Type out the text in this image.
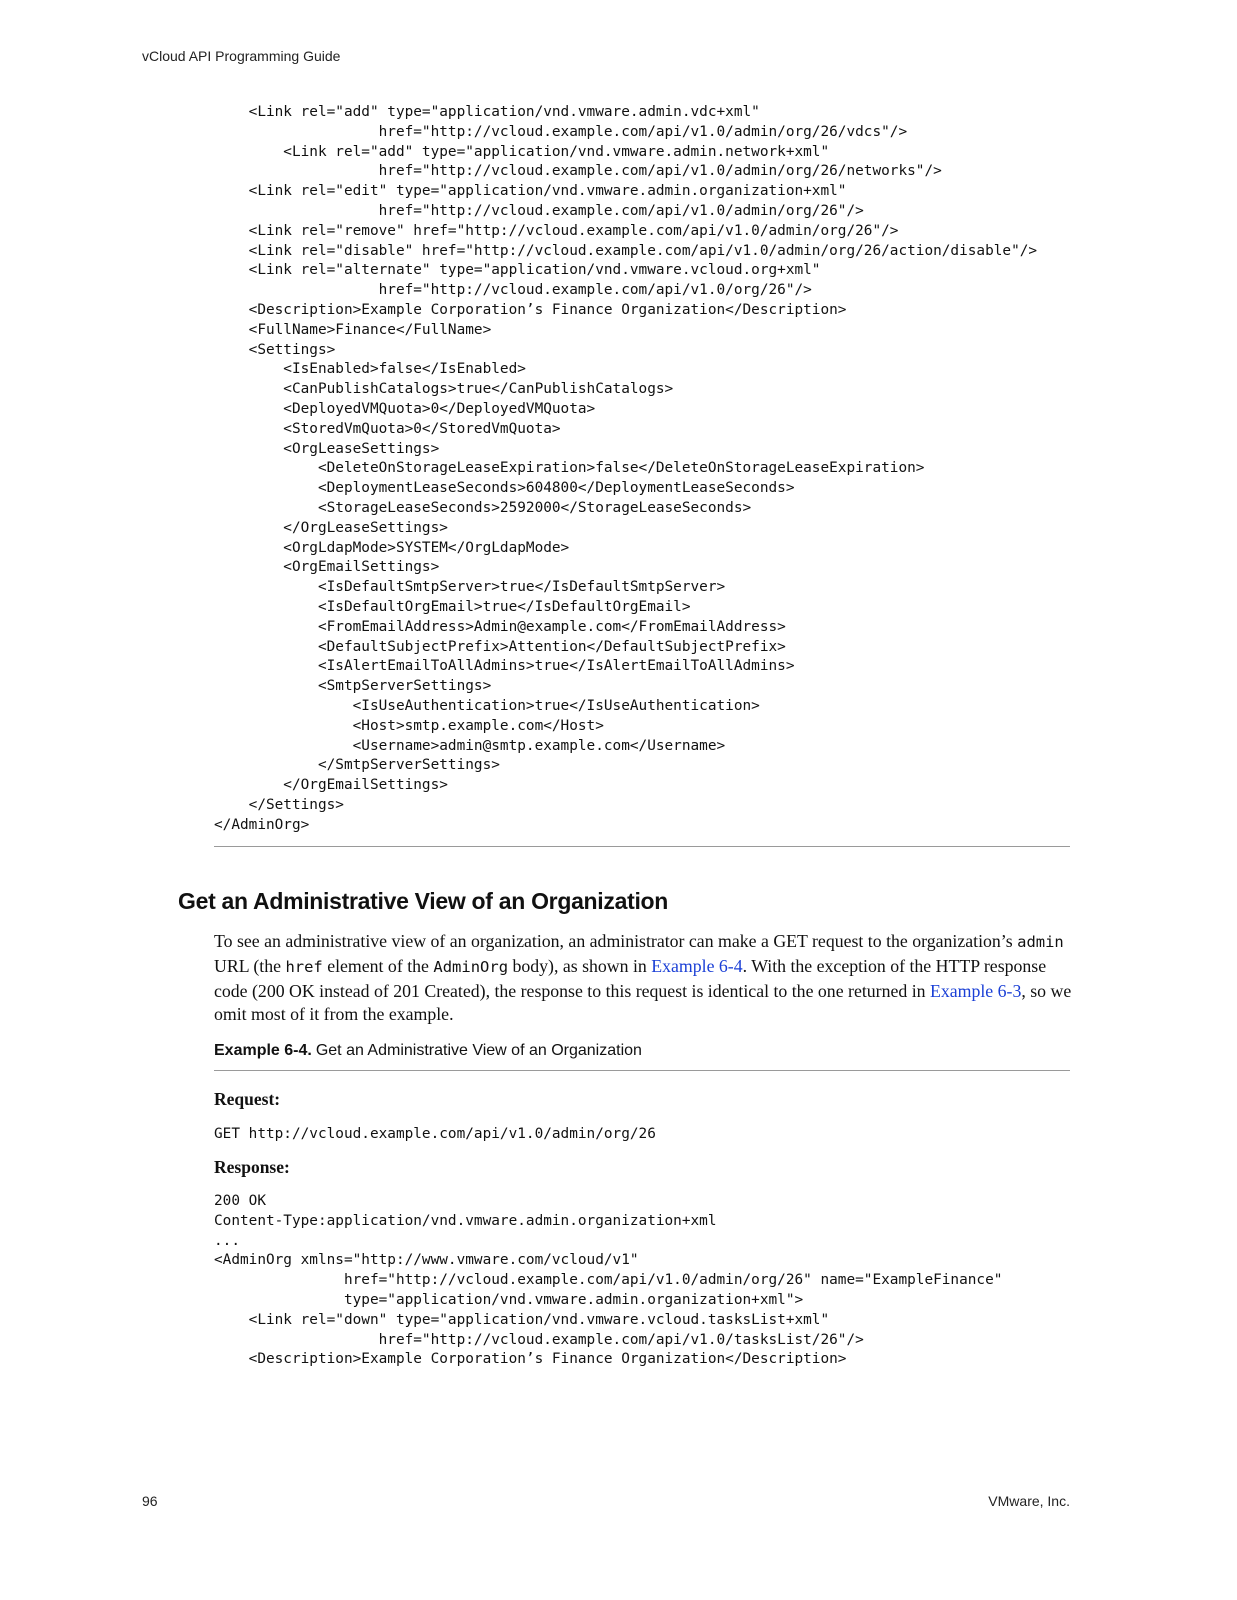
vCloud API Programming Guide
<Link rel="add" type="application/vnd.vmware.admin.vdc+xml"
href="http://vcloud.example.com/api/v1.0/admin/org/26/vdcs"/>
<Link rel="add" type="application/vnd.vmware.admin.network+xml"
href="http://vcloud.example.com/api/v1.0/admin/org/26/networks"/>
<Link rel="edit" type="application/vnd.vmware.admin.organization+xml"
href="http://vcloud.example.com/api/v1.0/admin/org/26"/>
<Link rel="remove" href="http://vcloud.example.com/api/v1.0/admin/org/26"/>
<Link rel="disable" href="http://vcloud.example.com/api/v1.0/admin/org/26/action/disable"/>
<Link rel="alternate" type="application/vnd.vmware.vcloud.org+xml"
href="http://vcloud.example.com/api/v1.0/org/26"/>
<Description>Example Corporation’s Finance Organization</Description>
<FullName>Finance</FullName>
<Settings>
<IsEnabled>false</IsEnabled>
<CanPublishCatalogs>true</CanPublishCatalogs>
<DeployedVMQuota>0</DeployedVMQuota>
<StoredVmQuota>0</StoredVmQuota>
<OrgLeaseSettings>
<DeleteOnStorageLeaseExpiration>false</DeleteOnStorageLeaseExpiration>
<DeploymentLeaseSeconds>604800</DeploymentLeaseSeconds>
<StorageLeaseSeconds>2592000</StorageLeaseSeconds>
</OrgLeaseSettings>
<OrgLdapMode>SYSTEM</OrgLdapMode>
<OrgEmailSettings>
<IsDefaultSmtpServer>true</IsDefaultSmtpServer>
<IsDefaultOrgEmail>true</IsDefaultOrgEmail>
<FromEmailAddress>Admin@example.com</FromEmailAddress>
<DefaultSubjectPrefix>Attention</DefaultSubjectPrefix>
<IsAlertEmailToAllAdmins>true</IsAlertEmailToAllAdmins>
<SmtpServerSettings>
<IsUseAuthentication>true</IsUseAuthentication>
<Host>smtp.example.com</Host>
<Username>admin@smtp.example.com</Username>
</SmtpServerSettings>
</OrgEmailSettings>
</Settings>
</AdminOrg>
Get an Administrative View of an Organization

To see an administrative view of an organization, an administrator can make a GET request to the organization’s admin URL (the href element of the AdminOrg body), as shown in Example 6-4. With the exception of the HTTP response code (200 OK instead of 201 Created), the response to this request is identical to the one returned in Example 6-3, so we omit most of it from the example.

Example 6-4. Get an Administrative View of an Organization

Request:

GET http://vcloud.example.com/api/v1.0/admin/org/26

Response:

200 OK
Content-Type:application/vnd.vmware.admin.organization+xml
...
<AdminOrg xmlns="http://www.vmware.com/vcloud/v1"
href="http://vcloud.example.com/api/v1.0/admin/org/26" name="ExampleFinance"
type="application/vnd.vmware.admin.organization+xml">
<Link rel="down" type="application/vnd.vmware.vcloud.tasksList+xml"
href="http://vcloud.example.com/api/v1.0/tasksList/26"/>
<Description>Example Corporation’s Finance Organization</Description>
96	VMware, Inc.
